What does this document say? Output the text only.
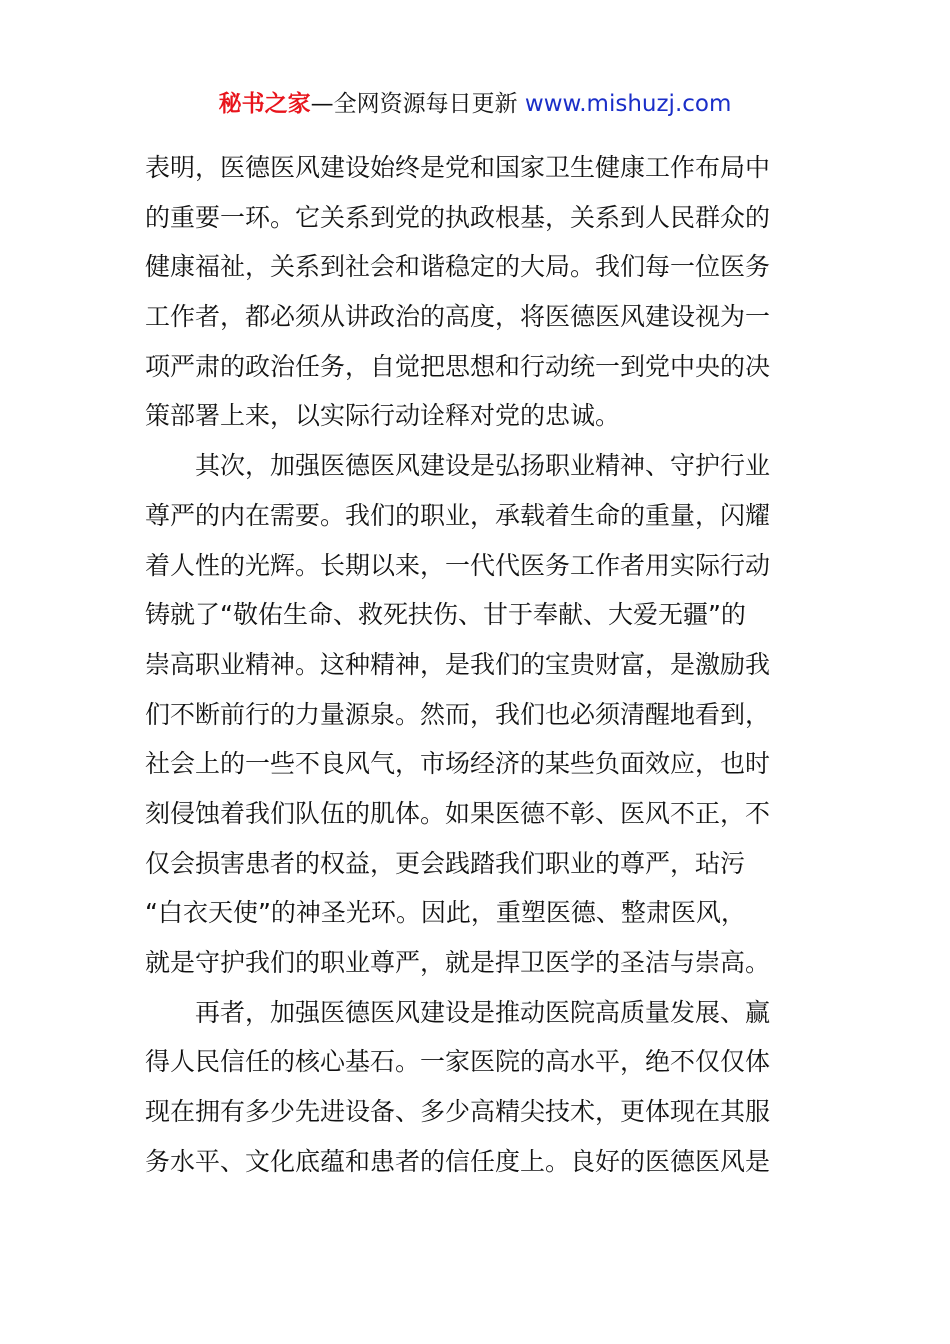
秘书之家—全网资源每日更新 www.mishuzj.com
表明，医德医风建设始终是党和国家卫生健康工作布局中
的重要一环。它关系到党的执政根基，关系到人民群众的
健康福祉，关系到社会和谐稳定的大局。我们每一位医务
工作者，都必须从讲政治的高度，将医德医风建设视为一
项严肃的政治任务，自觉把思想和行动统一到党中央的决
策部署上来，以实际行动诠释对党的忠诚。
其次，加强医德医风建设是弘扬职业精神、守护行业
尊严的内在需要。我们的职业，承载着生命的重量，闪耀
着人性的光辉。长期以来，一代代医务工作者用实际行动
铸就了“敬佑生命、救死扶伤、甘于奉献、大爱无疆”的
崇高职业精神。这种精神，是我们的宝贵财富，是激励我
们不断前行的力量源泉。然而，我们也必须清醒地看到，
社会上的一些不良风气，市场经济的某些负面效应，也时
刻侵蚀着我们队伍的肌体。如果医德不彰、医风不正，不
仅会损害患者的权益，更会践踏我们职业的尊严，玷污
“白衣天使”的神圣光环。因此，重塑医德、整肃医风，
就是守护我们的职业尊严，就是捍卫医学的圣洁与崇高。
再者，加强医德医风建设是推动医院高质量发展、赢
得人民信任的核心基石。一家医院的高水平，绝不仅仅体
现在拥有多少先进设备、多少高精尖技术，更体现在其服
务水平、文化底蕴和患者的信任度上。良好的医德医风是
